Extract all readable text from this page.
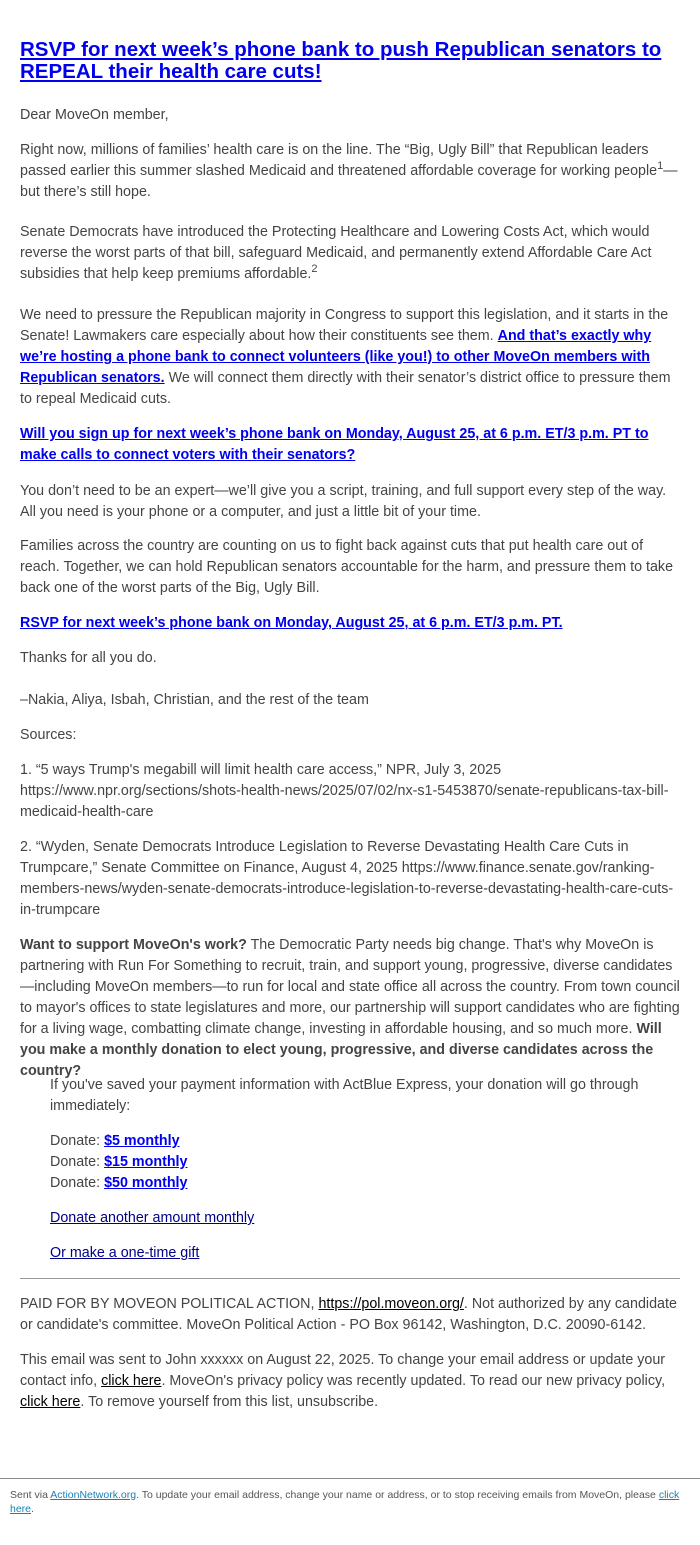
RSVP for next week’s phone bank to push Republican senators to REPEAL their health care cuts!

Dear MoveOn member,

Right now, millions of families’ health care is on the line. The “Big, Ugly Bill” that Republican leaders passed earlier this summer slashed Medicaid and threatened affordable coverage for working people$^1$—but there’s still hope.

Senate Democrats have introduced the Protecting Healthcare and Lowering Costs Act, which would reverse the worst parts of that bill, safeguard Medicaid, and permanently extend Affordable Care Act subsidies that help keep premiums affordable.$^2$

We need to pressure the Republican majority in Congress to support this legislation, and it starts in the Senate! Lawmakers care especially about how their constituents see them. And that’s exactly why we’re hosting a phone bank to connect volunteers (like you!) to other MoveOn members with Republican senators. We will connect them directly with their senator’s district office to pressure them to repeal Medicaid cuts.

Will you sign up for next week’s phone bank on Monday, August 25, at 6 p.m. ET/3 p.m. PT to make calls to connect voters with their senators?

You don’t need to be an expert—we’ll give you a script, training, and full support every step of the way. All you need is your phone or a computer, and just a little bit of your time.

Families across the country are counting on us to fight back against cuts that put health care out of reach. Together, we can hold Republican senators accountable for the harm, and pressure them to take back one of the worst parts of the Big, Ugly Bill.

RSVP for next week’s phone bank on Monday, August 25, at 6 p.m. ET/3 p.m. PT.

Thanks for all you do.

–Nakia, Aliya, Isbah, Christian, and the rest of the team

Sources:

1. “5 ways Trump's megabill will limit health care access,” NPR, July 3, 2025 https://www.npr.org/sections/shots-health-news/2025/07/02/nx-s1-5453870/senate-republicans-tax-bill-medicaid-health-care

2. “Wyden, Senate Democrats Introduce Legislation to Reverse Devastating Health Care Cuts in Trumpcare,” Senate Committee on Finance, August 4, 2025 https://www.finance.senate.gov/ranking-members-news/wyden-senate-democrats-introduce-legislation-to-reverse-devastating-health-care-cuts-in-trumpcare

Want to support MoveOn's work? The Democratic Party needs big change. That's why MoveOn is partnering with Run For Something to recruit, train, and support young, progressive, diverse candidates—including MoveOn members—to run for local and state office all across the country. From town council to mayor's offices to state legislatures and more, our partnership will support candidates who are fighting for a living wage, combatting climate change, investing in affordable housing, and so much more. Will you make a monthly donation to elect young, progressive, and diverse candidates across the country?

If you've saved your payment information with ActBlue Express, your donation will go through immediately:

Donate: $5 monthly

Donate: $15 monthly

Donate: $50 monthly

Donate another amount monthly

Or make a one-time gift

PAID FOR BY MOVEON POLITICAL ACTION, https://pol.moveon.org/. Not authorized by any candidate or candidate's committee. MoveOn Political Action - PO Box 96142, Washington, D.C. 20090-6142.

This email was sent to John xxxxxx on August 22, 2025. To change your email address or update your contact info, click here. MoveOn's privacy policy was recently updated. To read our new privacy policy, click here. To remove yourself from this list, unsubscribe.

Sent via ActionNetwork.org. To update your email address, change your name or address, or to stop receiving emails from MoveOn, please click here.
